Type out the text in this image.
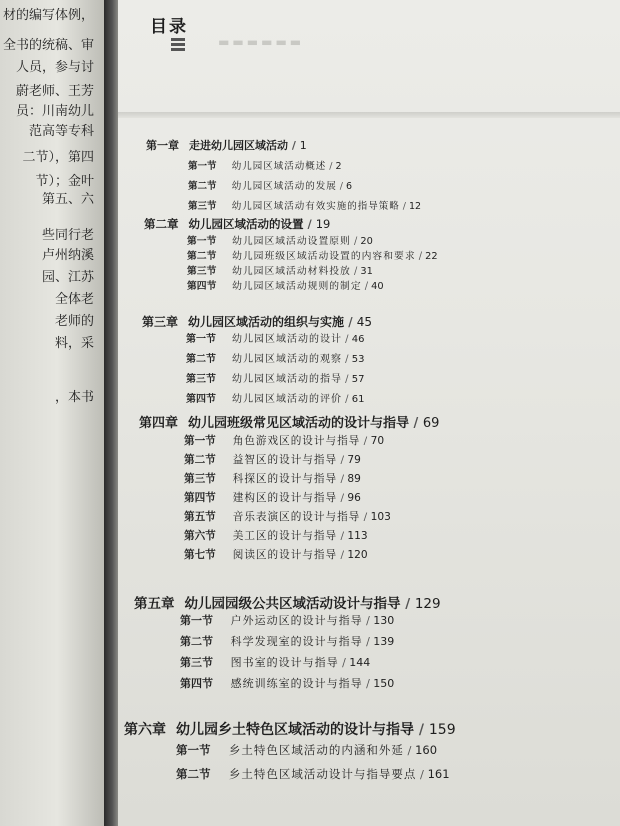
材的编写体例，
全书的统稿、审
人员，参与讨
蔚老师、王芳
员：川南幼儿
范高等专科
二节），第四
节）；金叶
第五、六
些同行老
卢州纳溪
园、江苏
全体老
老师的
料，采
，本书
目录
▬▬▬▬▬▬
第一章 走进幼儿园区域活动 / 1
第一节 幼儿园区域活动概述 / 2
第二节 幼儿园区域活动的发展 / 6
第三节 幼儿园区域活动有效实施的指导策略 / 12
第二章 幼儿园区域活动的设置 / 19
第一节 幼儿园区域活动设置原则 / 20
第二节 幼儿园班级区域活动设置的内容和要求 / 22
第三节 幼儿园区域活动材料投放 / 31
第四节 幼儿园区域活动规则的制定 / 40
第三章 幼儿园区域活动的组织与实施 / 45
第一节 幼儿园区域活动的设计 / 46
第二节 幼儿园区域活动的观察 / 53
第三节 幼儿园区域活动的指导 / 57
第四节 幼儿园区域活动的评价 / 61
第四章 幼儿园班级常见区域活动的设计与指导 / 69
第一节 角色游戏区的设计与指导 / 70
第二节 益智区的设计与指导 / 79
第三节 科探区的设计与指导 / 89
第四节 建构区的设计与指导 / 96
第五节 音乐表演区的设计与指导 / 103
第六节 美工区的设计与指导 / 113
第七节 阅读区的设计与指导 / 120
第五章 幼儿园园级公共区域活动设计与指导 / 129
第一节 户外运动区的设计与指导 / 130
第二节 科学发现室的设计与指导 / 139
第三节 图书室的设计与指导 / 144
第四节 感统训练室的设计与指导 / 150
第六章 幼儿园乡土特色区域活动的设计与指导 / 159
第一节 乡土特色区域活动的内涵和外延 / 160
第二节 乡土特色区域活动设计与指导要点 / 161
